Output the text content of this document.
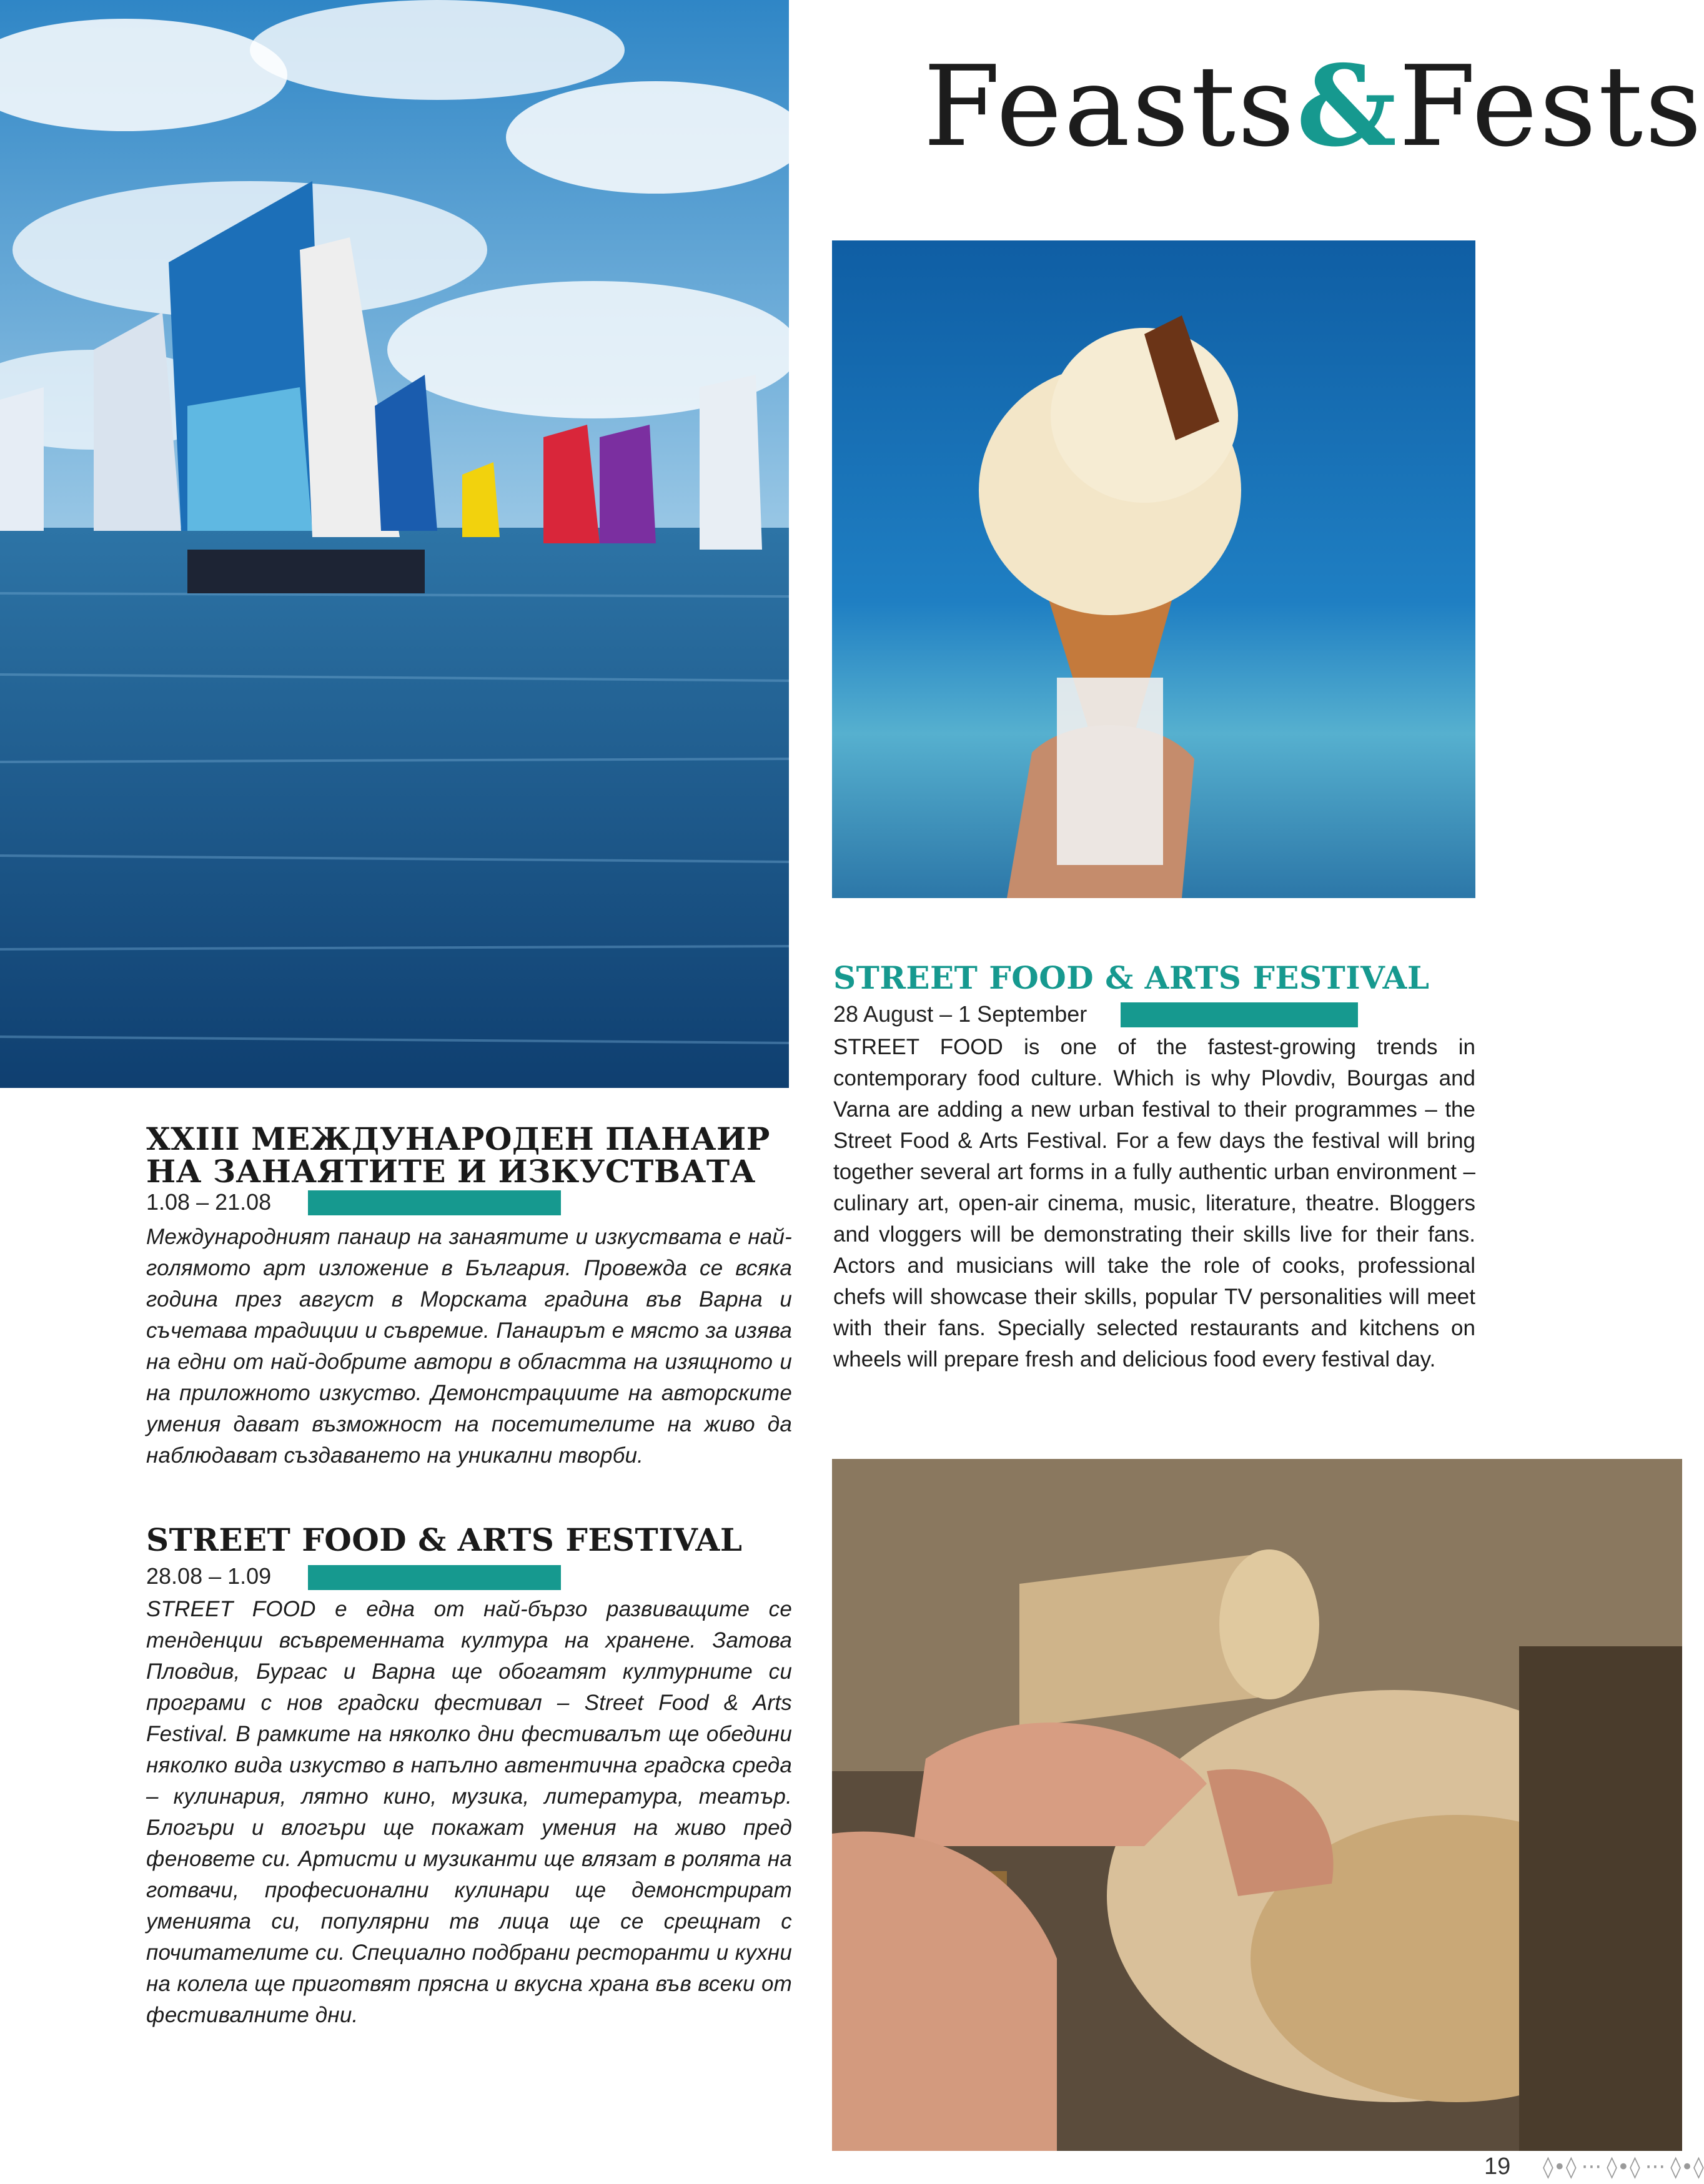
Feasts&Fests
XXIII МЕЖДУНАРОДЕН ПАНАИР
НА ЗАНАЯТИТЕ И ИЗКУСТВАТА
1.08 – 21.08
Международният панаир на занаятите и изкуствата е най-голямото арт изложение в България. Провежда се всяка година през август в Морската градина във Варна и съчетава традиции и съвремие. Панаирът е място за изява на едни от най-добрите автори в областта на изящното и на приложното изкуство. Демонстрациите на авторските умения дават възможност на посетителите на живо да наблюдават създаването на уникални творби.
STREET FOOD & ARTS FESTIVAL
28.08 – 1.09
STREET FOOD е една от най-бързо развиващите се тенденции всъвременната култура на хранене. Затова Пловдив, Бургас и Варна ще обогатят културните си програми с нов градски фестивал – Street Food & Arts Festival. В рамките на няколко дни фестивалът ще обедини няколко вида изкуство в напълно автентична градска среда – кулинария, лятно кино, музика, литература, театър. Блогъри и влогъри ще покажат умения на живо пред феновете си. Артисти и музиканти ще влязат в ролята на готвачи, професионални кулинари ще демонстрират уменията си, популярни тв лица ще се срещнат с почитателите си. Специално подбрани ресторанти и кухни на колела ще приготвят прясна и вкусна храна във всеки от фестивалните дни.
STREET FOOD & ARTS FESTIVAL
28 August – 1 September
STREET FOOD is one of the fastest-growing trends in contemporary food culture. Which is why Plovdiv, Bourgas and Varna are adding a new urban festival to their programmes – the Street Food & Arts Festival. For a few days the festival will bring together several art forms in a fully authentic urban environment – culinary art, open-air cinema, music, literature, theatre. Bloggers and vloggers will be demonstrating their skills live for their fans. Actors and musicians will take the role of cooks, professional chefs will showcase their skills, popular TV personalities will meet with their fans. Specially selected restaurants and kitchens on wheels will prepare fresh and delicious food every festival day.
19 ◊•◊ ··· ◊•◊ ··· ◊•◊
